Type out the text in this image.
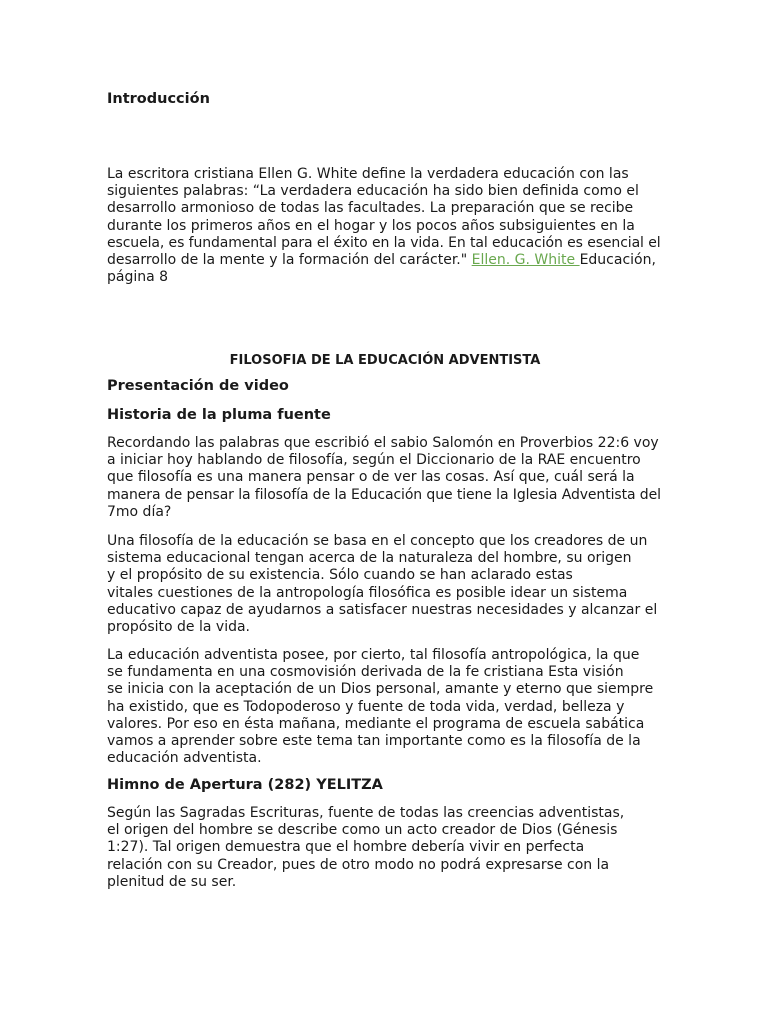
Introducción
La escritora cristiana Ellen G. White define la verdadera educación con las
siguientes palabras: “La verdadera educación ha sido bien definida como el
desarrollo armonioso de todas las facultades. La preparación que se recibe
durante los primeros años en el hogar y los pocos años subsiguientes en la
escuela, es fundamental para el éxito en la vida. En tal educación es esencial el
desarrollo de la mente y la formación del carácter." Ellen. G. White Educación,
página 8
FILOSOFIA DE LA EDUCACIÓN ADVENTISTA
Presentación de video
Historia de la pluma fuente
Recordando las palabras que escribió el sabio Salomón en Proverbios 22:6 voy
a iniciar hoy hablando de filosofía, según el Diccionario de la RAE encuentro
que filosofía es una manera pensar o de ver las cosas. Así que, cuál será la
manera de pensar la filosofía de la Educación que tiene la Iglesia Adventista del
7mo día?
Una filosofía de la educación se basa en el concepto que los creadores de un
sistema educacional tengan acerca de la naturaleza del hombre, su origen
y el propósito de su existencia. Sólo cuando se han aclarado estas
vitales cuestiones de la antropología filosófica es posible idear un sistema
educativo capaz de ayudarnos a satisfacer nuestras necesidades y alcanzar el
propósito de la vida.
La educación adventista posee, por cierto, tal filosofía antropológica, la que
se fundamenta en una cosmovisión derivada de la fe cristiana Esta visión
se inicia con la aceptación de un Dios personal, amante y eterno que siempre
ha existido, que es Todopoderoso y fuente de toda vida, verdad, belleza y
valores. Por eso en ésta mañana, mediante el programa de escuela sabática
vamos a aprender sobre este tema tan importante como es la filosofía de la
educación adventista.
Himno de Apertura (282) YELITZA
Según las Sagradas Escrituras, fuente de todas las creencias adventistas,
el origen del hombre se describe como un acto creador de Dios (Génesis
1:27). Tal origen demuestra que el hombre debería vivir en perfecta
relación con su Creador, pues de otro modo no podrá expresarse con la
plenitud de su ser.
